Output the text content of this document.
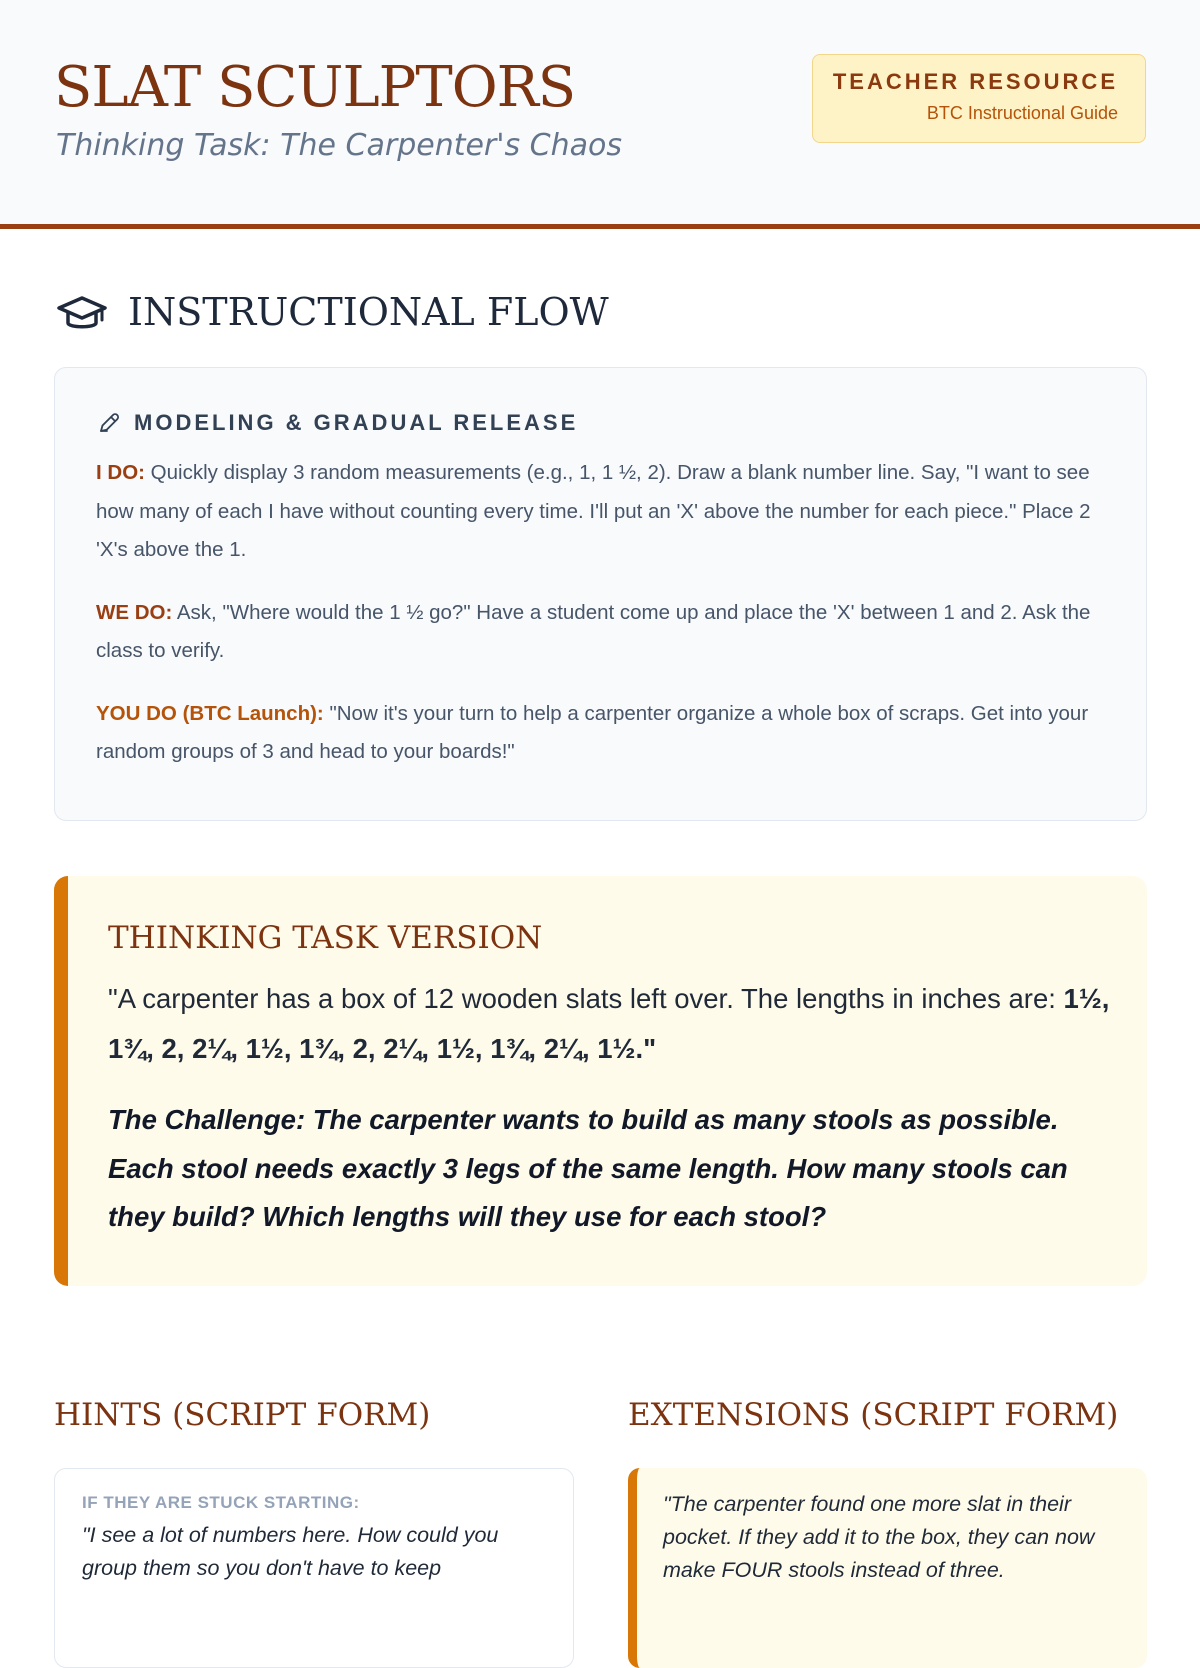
SLAT SCULPTORS
Thinking Task: The Carpenter's Chaos
TEACHER RESOURCE
BTC Instructional Guide
INSTRUCTIONAL FLOW
MODELING & GRADUAL RELEASE

I DO: Quickly display 3 random measurements (e.g., 1, 1 ½, 2). Draw a blank number line. Say, "I want to see how many of each I have without counting every time. I'll put an 'X' above the number for each piece." Place 2 'X's above the 1.

WE DO: Ask, "Where would the 1 ½ go?" Have a student come up and place the 'X' between 1 and 2. Ask the class to verify.

YOU DO (BTC Launch): "Now it's your turn to help a carpenter organize a whole box of scraps. Get into your random groups of 3 and head to your boards!"

THINKING TASK VERSION

"A carpenter has a box of 12 wooden slats left over. The lengths in inches are: 1½, 1¾, 2, 2¼, 1½, 1¾, 2, 2¼, 1½, 1¾, 2¼, 1½."

The Challenge: The carpenter wants to build as many stools as possible. Each stool needs exactly 3 legs of the same length. How many stools can they build? Which lengths will they use for each stool?

HINTS (SCRIPT FORM)
IF THEY ARE STUCK STARTING:
"I see a lot of numbers here. How could you group them so you don't have to keep
EXTENSIONS (SCRIPT FORM)
"The carpenter found one more slat in their pocket. If they add it to the box, they can now make FOUR stools instead of three.
